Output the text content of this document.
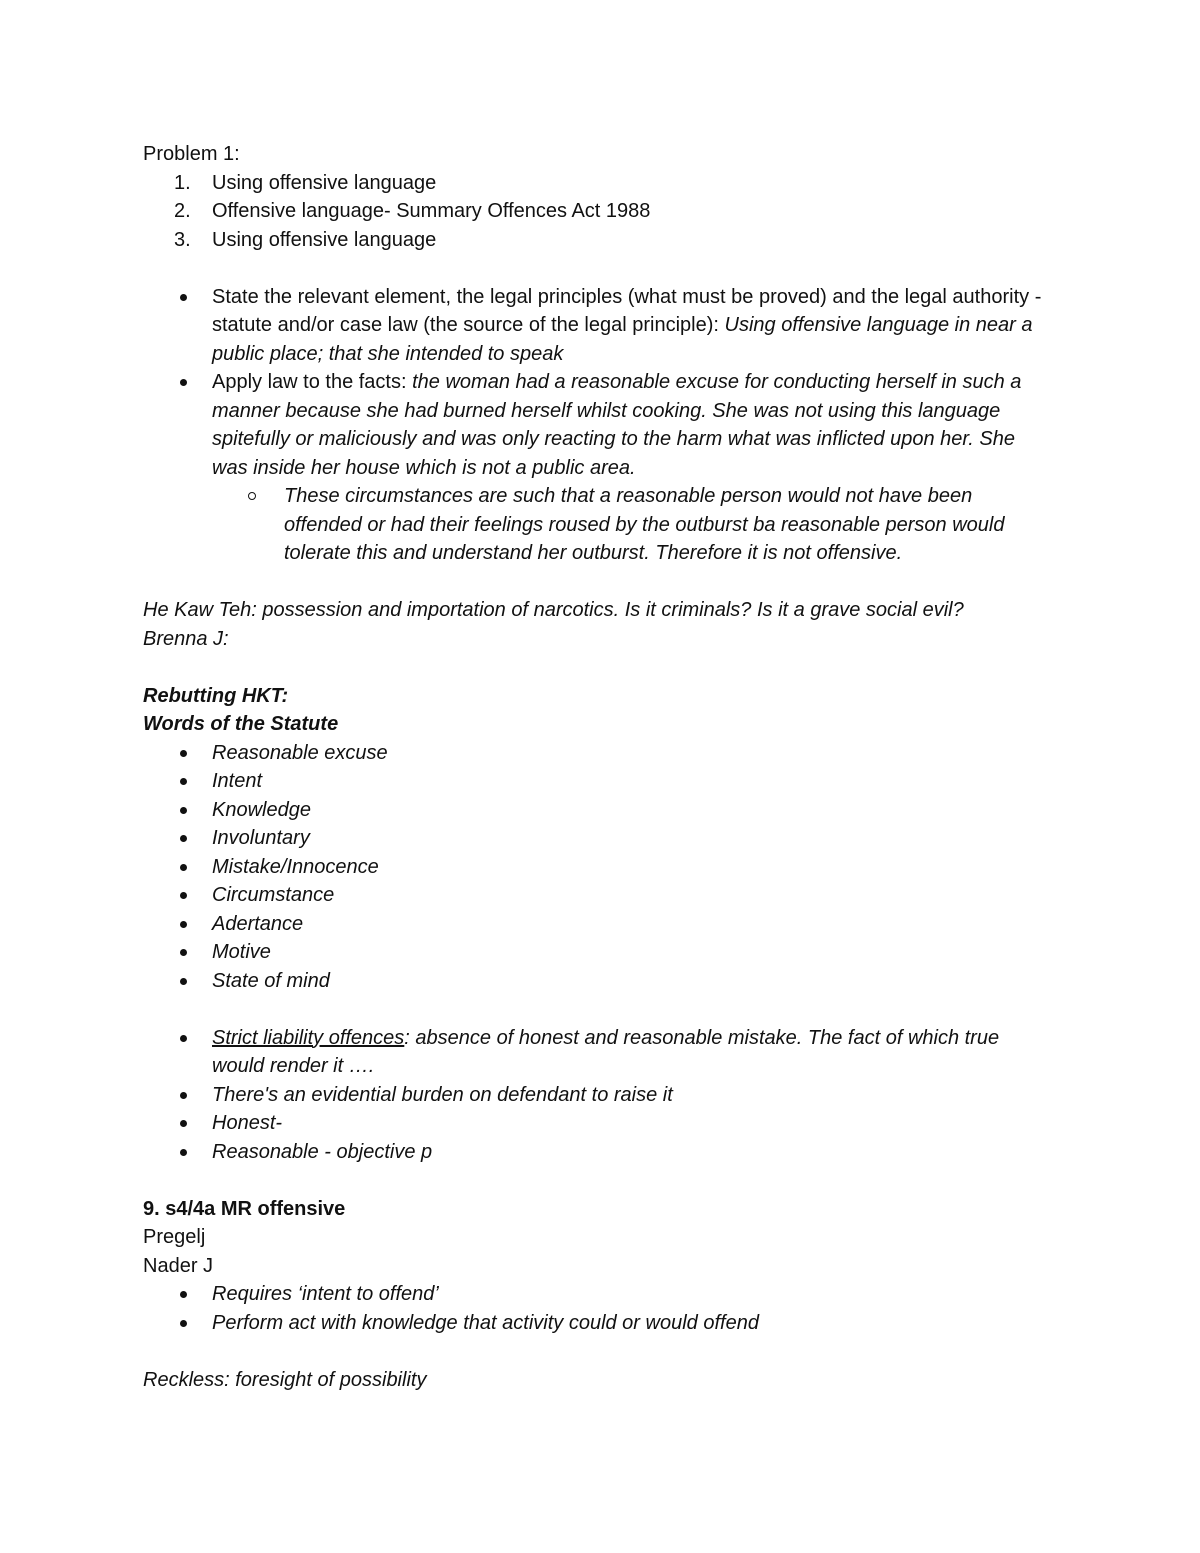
Problem 1:

1. Using offensive language
2. Offensive language- Summary Offences Act 1988
3. Using offensive language
State the relevant element, the legal principles (what must be proved) and the legal authority - statute and/or case law (the source of the legal principle): Using offensive language in near a public place; that she intended to speak
Apply law to the facts: the woman had a reasonable excuse for conducting herself in such a manner because she had burned herself whilst cooking. She was not using this language spitefully or maliciously and was only reacting to the harm what was inflicted upon her. She was inside her house which is not a public area.
These circumstances are such that a reasonable person would not have been offended or had their feelings roused by the outburst ba reasonable person would tolerate this and understand her outburst. Therefore it is not offensive.

He Kaw Teh: possession and importation of narcotics. Is it criminals? Is it a grave social evil?

Brenna J:

Rebutting HKT:

Words of the Statute

Reasonable excuse
Intent
Knowledge
Involuntary
Mistake/Innocence
Circumstance
Adertance
Motive
State of mind
Strict liability offences: absence of honest and reasonable mistake. The fact of which true would render it ….
There's an evidential burden on defendant to raise it
Honest-
Reasonable - objective p

9. s4/4a MR offensive

Pregelj

Nader J

Requires ‘intent to offend’
Perform act with knowledge that activity could or would offend

Reckless: foresight of possibility
